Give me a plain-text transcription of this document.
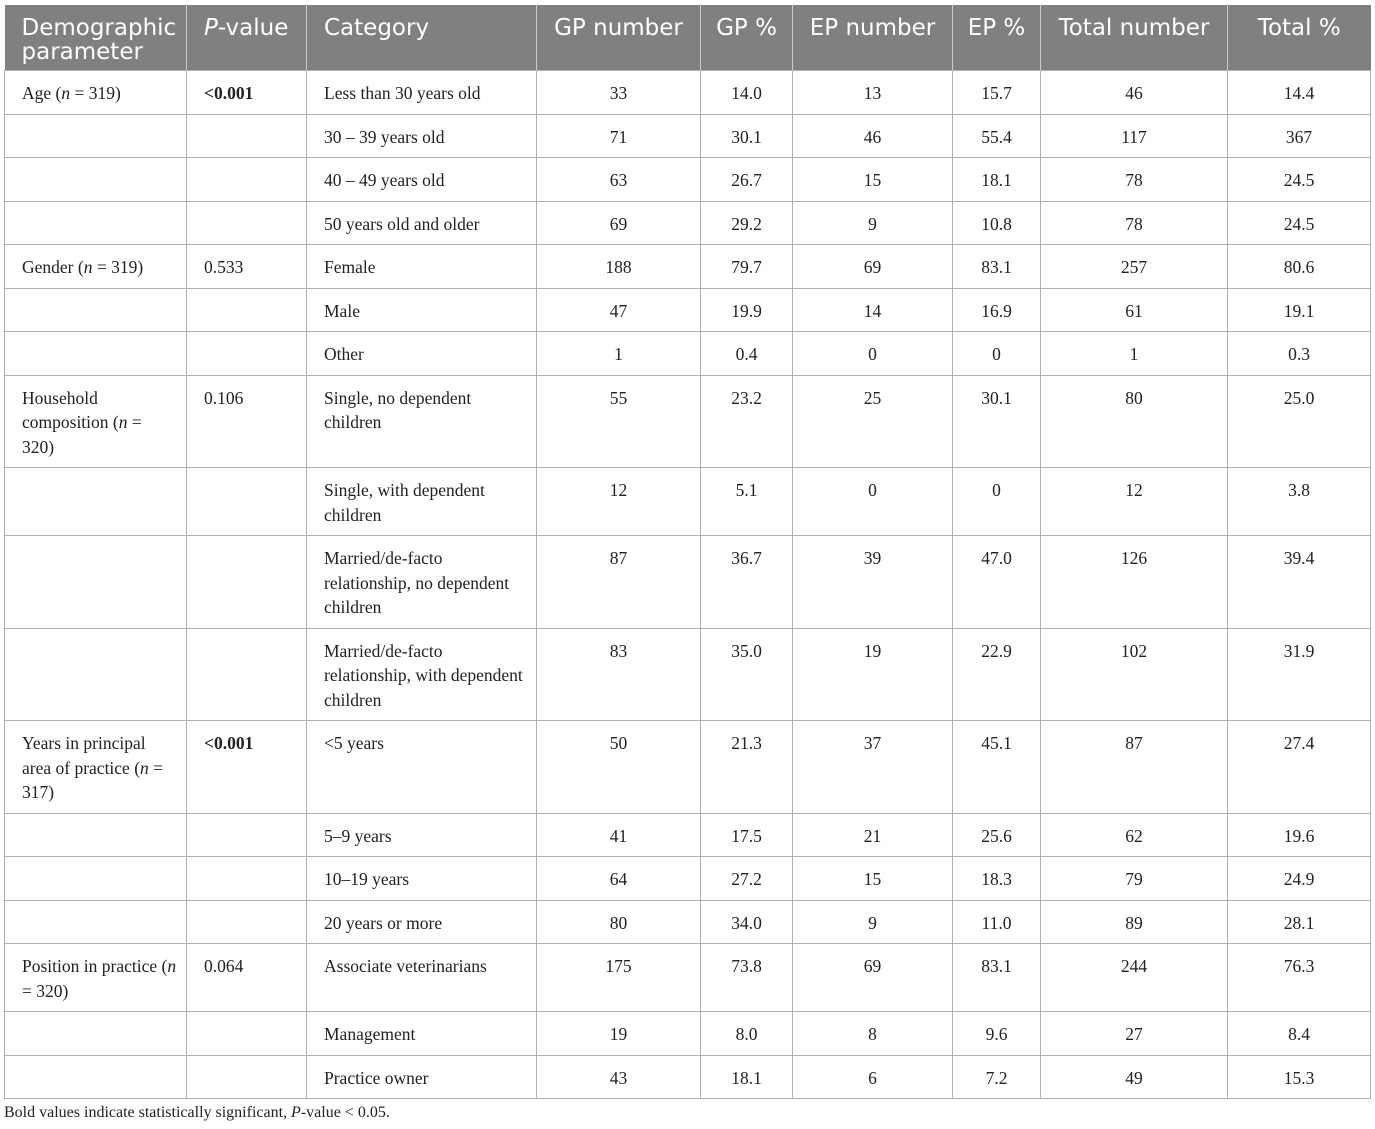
Demographic parameter	P-value	Category	GP number	GP %	EP number	EP %	Total number	Total %
Age (n = 319)	<0.001	Less than 30 years old	33	14.0	13	15.7	46	14.4
		30 – 39 years old	71	30.1	46	55.4	117	367
		40 – 49 years old	63	26.7	15	18.1	78	24.5
		50 years old and older	69	29.2	9	10.8	78	24.5
Gender (n = 319)	0.533	Female	188	79.7	69	83.1	257	80.6
		Male	47	19.9	14	16.9	61	19.1
		Other	1	0.4	0	0	1	0.3
Household composition (n = 320)	0.106	Single, no dependent children	55	23.2	25	30.1	80	25.0
		Single, with dependent children	12	5.1	0	0	12	3.8
		Married/de-facto relationship, no dependent children	87	36.7	39	47.0	126	39.4
		Married/de-facto relationship, with dependent children	83	35.0	19	22.9	102	31.9
Years in principal area of practice (n = 317)	<0.001	<5 years	50	21.3	37	45.1	87	27.4
		5–9 years	41	17.5	21	25.6	62	19.6
		10–19 years	64	27.2	15	18.3	79	24.9
		20 years or more	80	34.0	9	11.0	89	28.1
Position in practice (n = 320)	0.064	Associate veterinarians	175	73.8	69	83.1	244	76.3
		Management	19	8.0	8	9.6	27	8.4
		Practice owner	43	18.1	6	7.2	49	15.3
Bold values indicate statistically significant, P-value < 0.05.
